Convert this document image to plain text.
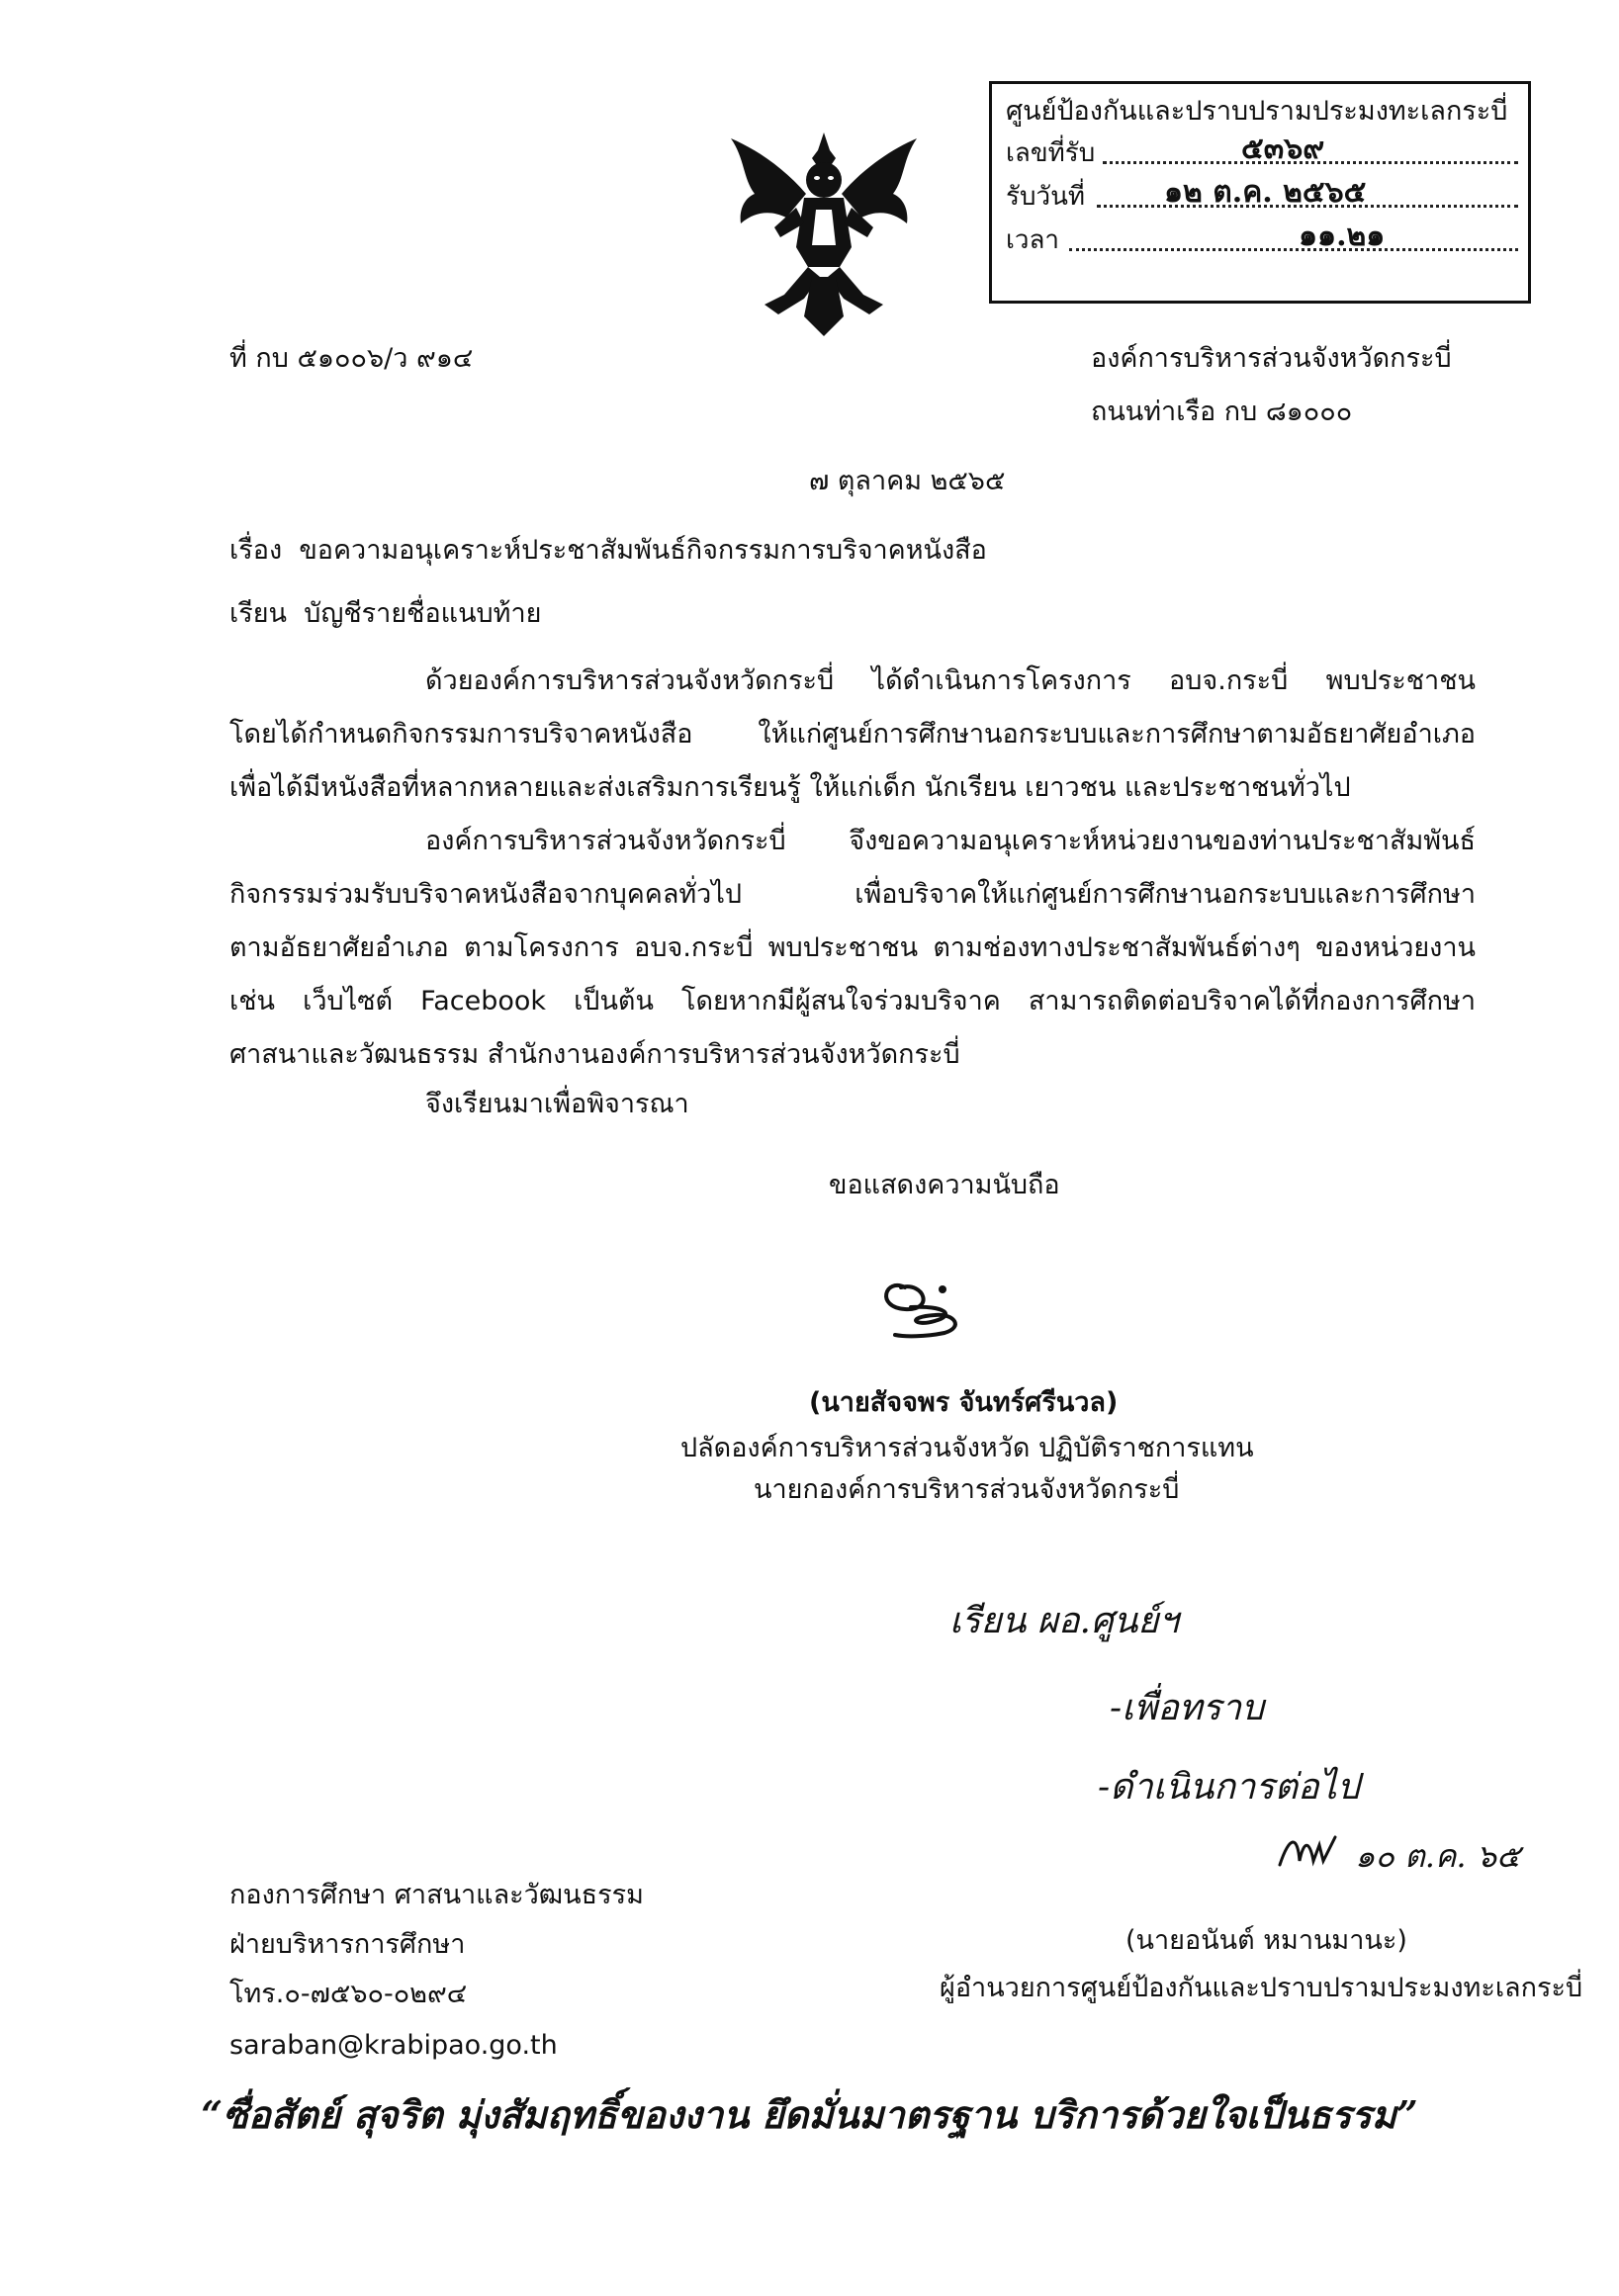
ศูนย์ป้องกันและปราบปรามประมงทะเลกระบี่
เลขที่รับ	๕๓๖๙
รับวันที่	๑๒ ต.ค. ๒๕๖๕
เวลา	๑๑.๒๑
ที่ กบ ๕๑๐๐๖/ว ๙๑๔	องค์การบริหารส่วนจังหวัดกระบี่
ถนนท่าเรือ กบ ๘๑๐๐๐
๗ ตุลาคม ๒๕๖๕
เรื่อง ขอความอนุเคราะห์ประชาสัมพันธ์กิจกรรมการบริจาคหนังสือ
เรียน บัญชีรายชื่อแนบท้าย
ด้วยองค์การบริหารส่วนจังหวัดกระบี่ ได้ดำเนินการโครงการ อบจ.กระบี่ พบประชาชน
โดยได้กำหนดกิจกรรมการบริจาคหนังสือ ให้แก่ศูนย์การศึกษานอกระบบและการศึกษาตามอัธยาศัยอำเภอ
เพื่อได้มีหนังสือที่หลากหลายและส่งเสริมการเรียนรู้ ให้แก่เด็ก นักเรียน เยาวชน และประชาชนทั่วไป
องค์การบริหารส่วนจังหวัดกระบี่ จึงขอความอนุเคราะห์หน่วยงานของท่านประชาสัมพันธ์
กิจกรรมร่วมรับบริจาคหนังสือจากบุคคลทั่วไป เพื่อบริจาคให้แก่ศูนย์การศึกษานอกระบบและการศึกษา
ตามอัธยาศัยอำเภอ ตามโครงการ อบจ.กระบี่ พบประชาชน ตามช่องทางประชาสัมพันธ์ต่างๆ ของหน่วยงาน
เช่น เว็บไซต์ Facebook เป็นต้น โดยหากมีผู้สนใจร่วมบริจาค สามารถติดต่อบริจาคได้ที่กองการศึกษา
ศาสนาและวัฒนธรรม สำนักงานองค์การบริหารส่วนจังหวัดกระบี่
จึงเรียนมาเพื่อพิจารณา
ขอแสดงความนับถือ
(นายสัจจพร จันทร์ศรีนวล)
ปลัดองค์การบริหารส่วนจังหวัด ปฏิบัติราชการแทน
นายกองค์การบริหารส่วนจังหวัดกระบี่
เรียน ผอ.ศูนย์ฯ
-เพื่อทราบ
-ดำเนินการต่อไป
๑๐ ต.ค. ๖๕
(นายอนันต์ หมานมานะ)
ผู้อำนวยการศูนย์ป้องกันและปราบปรามประมงทะเลกระบี่
กองการศึกษา ศาสนาและวัฒนธรรม
ฝ่ายบริหารการศึกษา
โทร.๐-๗๕๖๐-๐๒๙๔
saraban@krabipao.go.th
“ซื่อสัตย์ สุจริต มุ่งสัมฤทธิ์ของงาน ยึดมั่นมาตรฐาน บริการด้วยใจเป็นธรรม”
